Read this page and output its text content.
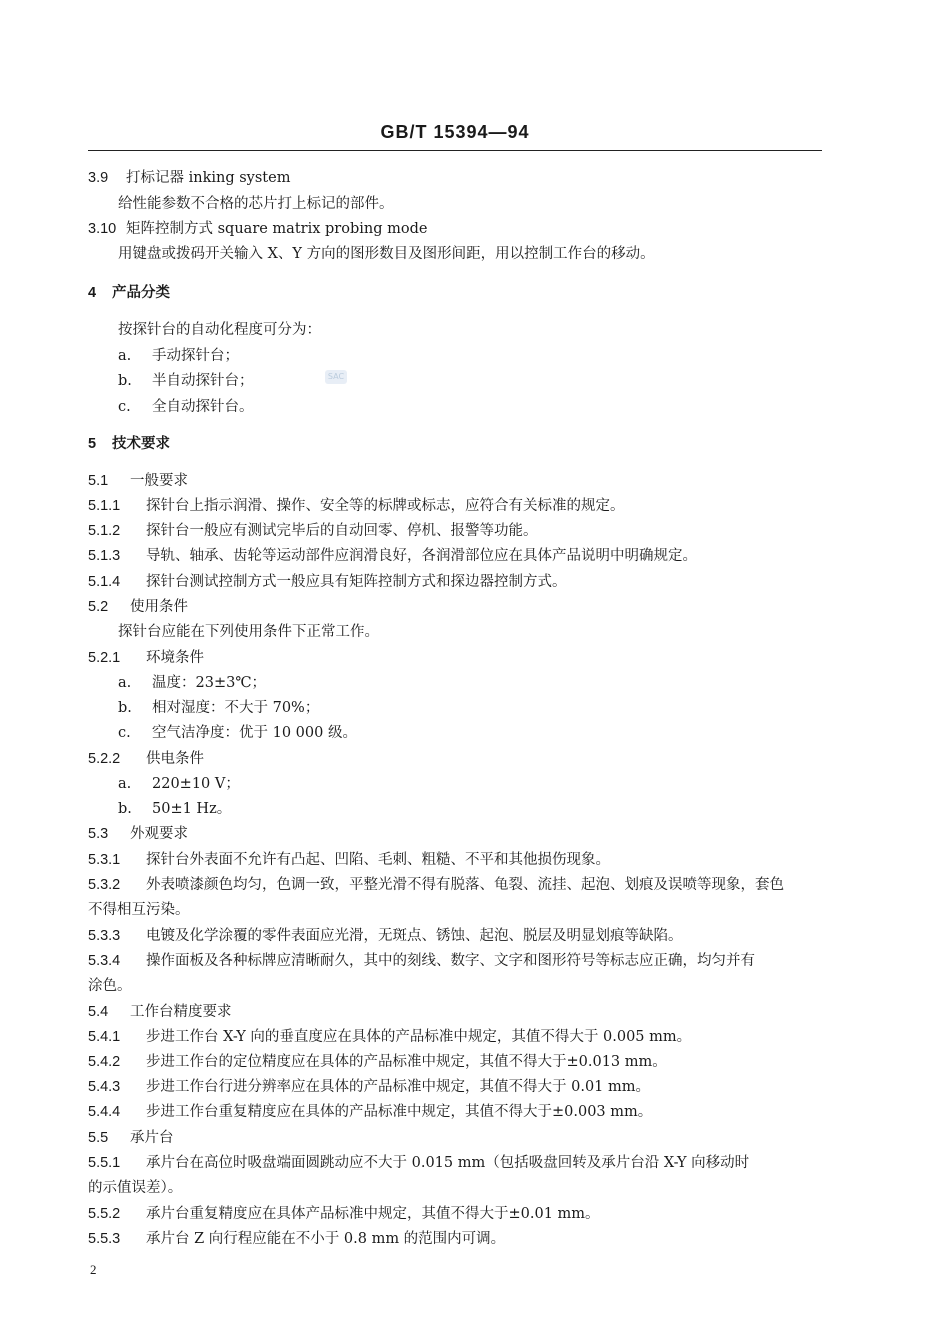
GB/T 15394—94
3.9 打标记器 inking system
给性能参数不合格的芯片打上标记的部件。
3.10 矩阵控制方式 square matrix probing mode
用键盘或拨码开关输入 X、Y 方向的图形数目及图形间距，用以控制工作台的移动。
4 产品分类
按探针台的自动化程度可分为：
a. 手动探针台；
b. 半自动探针台；	SAC
c. 全自动探针台。
5 技术要求
5.1 一般要求
5.1.1 探针台上指示润滑、操作、安全等的标牌或标志，应符合有关标准的规定。
5.1.2 探针台一般应有测试完毕后的自动回零、停机、报警等功能。
5.1.3 导轨、轴承、齿轮等运动部件应润滑良好，各润滑部位应在具体产品说明中明确规定。
5.1.4 探针台测试控制方式一般应具有矩阵控制方式和探边器控制方式。
5.2 使用条件
探针台应能在下列使用条件下正常工作。
5.2.1 环境条件
a. 温度：23±3℃；
b. 相对湿度：不大于 70%；
c. 空气洁净度：优于 10 000 级。
5.2.2 供电条件
a. 220±10 V；
b. 50±1 Hz。
5.3 外观要求
5.3.1 探针台外表面不允许有凸起、凹陷、毛刺、粗糙、不平和其他损伤现象。
5.3.2 外表喷漆颜色均匀，色调一致，平整光滑不得有脱落、龟裂、流挂、起泡、划痕及误喷等现象，套色
不得相互污染。
5.3.3 电镀及化学涂覆的零件表面应光滑，无斑点、锈蚀、起泡、脱层及明显划痕等缺陷。
5.3.4 操作面板及各种标牌应清晰耐久，其中的刻线、数字、文字和图形符号等标志应正确，均匀并有
涂色。
5.4 工作台精度要求
5.4.1 步进工作台 X-Y 向的垂直度应在具体的产品标准中规定，其值不得大于 0.005 mm。
5.4.2 步进工作台的定位精度应在具体的产品标准中规定，其值不得大于±0.013 mm。
5.4.3 步进工作台行进分辨率应在具体的产品标准中规定，其值不得大于 0.01 mm。
5.4.4 步进工作台重复精度应在具体的产品标准中规定，其值不得大于±0.003 mm。
5.5 承片台
5.5.1 承片台在高位时吸盘端面圆跳动应不大于 0.015 mm（包括吸盘回转及承片台沿 X-Y 向移动时
的示值误差）。
5.5.2 承片台重复精度应在具体产品标准中规定，其值不得大于±0.01 mm。
5.5.3 承片台 Z 向行程应能在不小于 0.8 mm 的范围内可调。
2
